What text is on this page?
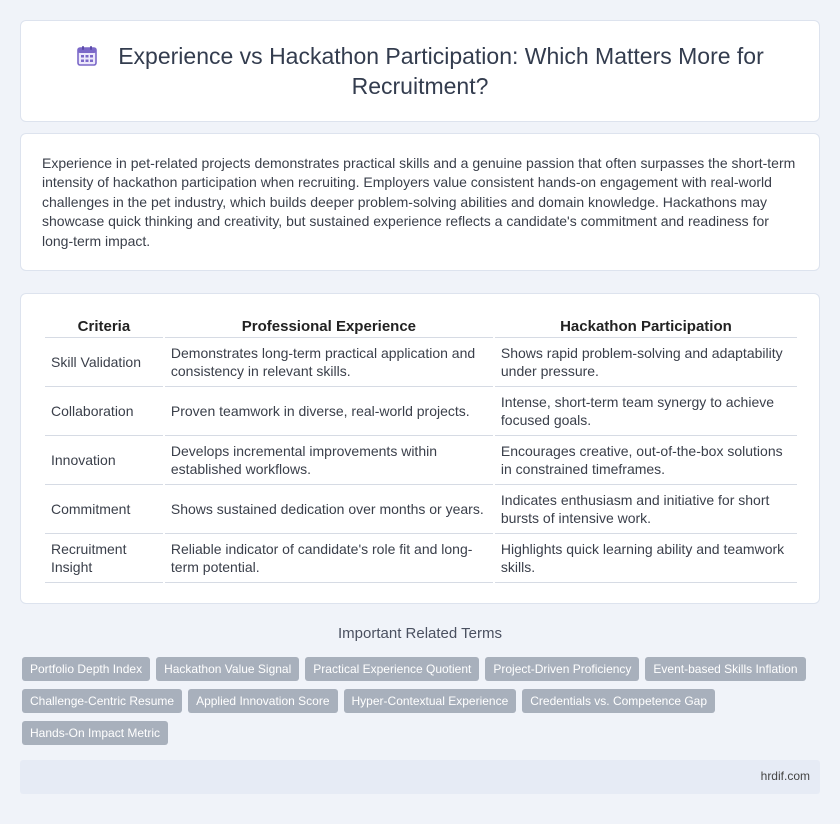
Experience vs Hackathon Participation: Which Matters More for Recruitment?

Experience in pet-related projects demonstrates practical skills and a genuine passion that often surpasses the short-term intensity of hackathon participation when recruiting. Employers value consistent hands-on engagement with real-world challenges in the pet industry, which builds deeper problem-solving abilities and domain knowledge. Hackathons may showcase quick thinking and creativity, but sustained experience reflects a candidate's commitment and readiness for long-term impact.

Criteria	Professional Experience	Hackathon Participation
Skill Validation	Demonstrates long-term practical application and consistency in relevant skills.	Shows rapid problem-solving and adaptability under pressure.
Collaboration	Proven teamwork in diverse, real-world projects.	Intense, short-term team synergy to achieve focused goals.
Innovation	Develops incremental improvements within established workflows.	Encourages creative, out-of-the-box solutions in constrained timeframes.
Commitment	Shows sustained dedication over months or years.	Indicates enthusiasm and initiative for short bursts of intensive work.
Recruitment Insight	Reliable indicator of candidate's role fit and long-term potential.	Highlights quick learning ability and teamwork skills.
Important Related Terms
Portfolio Depth Index	Hackathon Value Signal	Practical Experience Quotient	Project-Driven Proficiency	Event-based Skills Inflation
Challenge-Centric Resume	Applied Innovation Score	Hyper-Contextual Experience	Credentials vs. Competence Gap
Hands-On Impact Metric
hrdif.com
